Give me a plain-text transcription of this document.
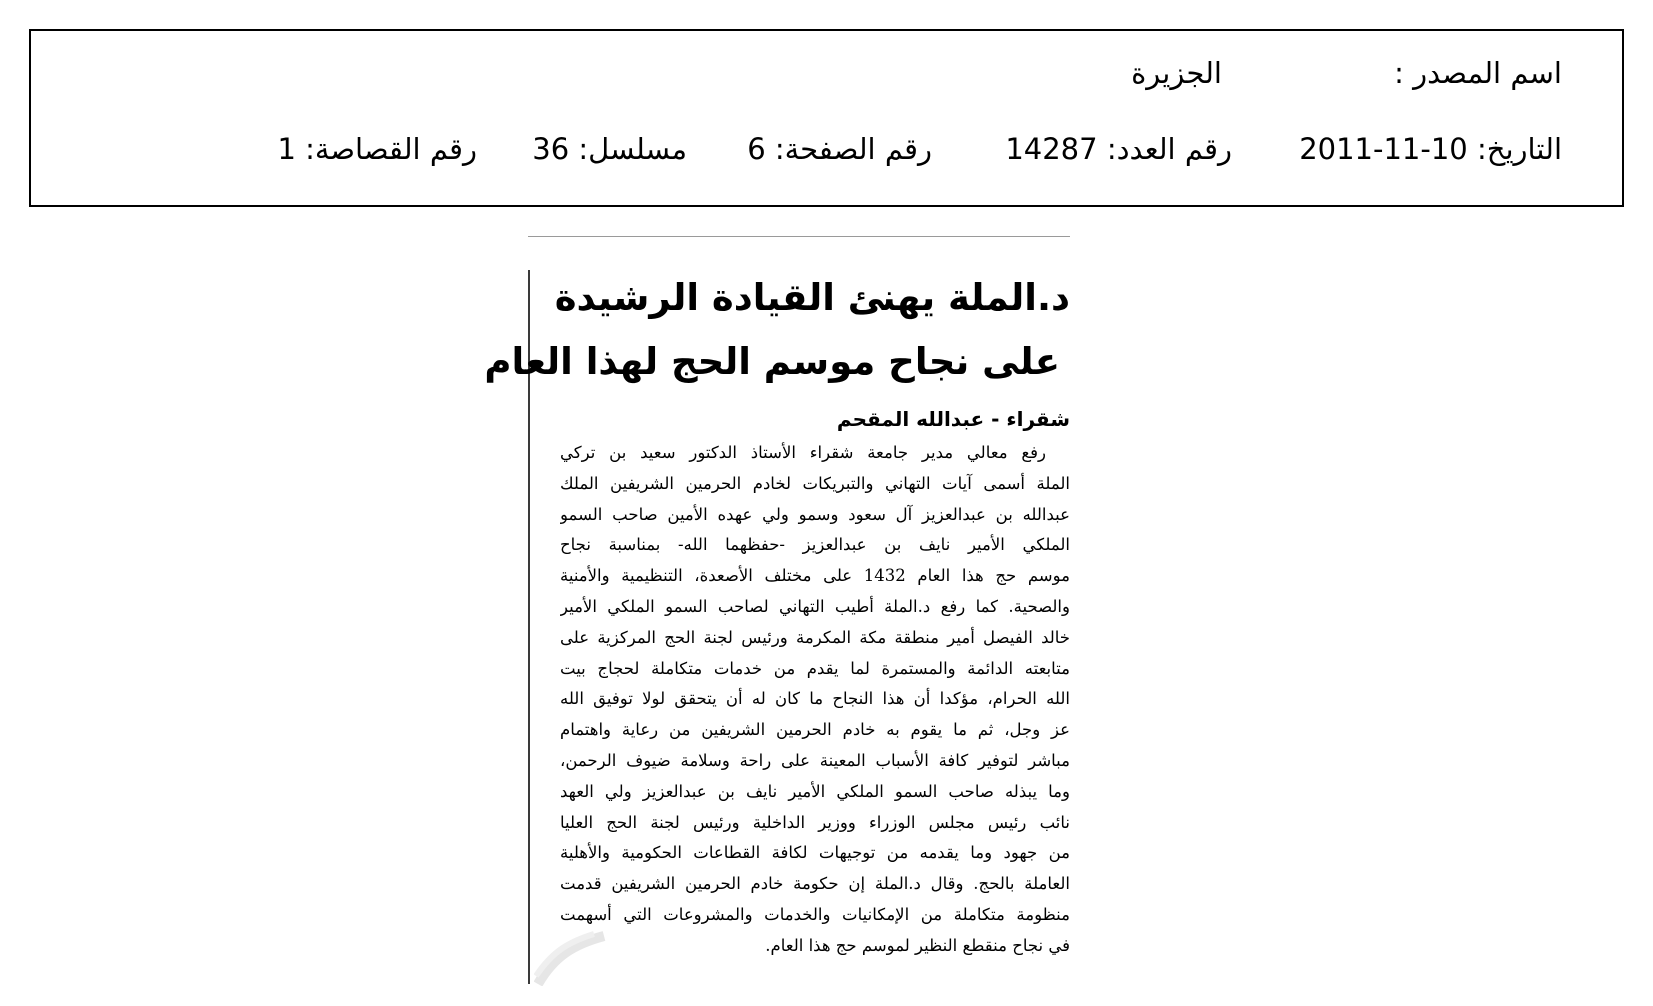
اسم المصدر :
الجزيرة
التاريخ: 2011-11-10
رقم العدد: 14287
رقم الصفحة: 6
مسلسل: 36
رقم القصاصة: 1
د.الملة يهنئ القيادة الرشيدة
على نجاح موسم الحج لهذا العام
شقراء - عبدالله المقحم
رفع معالي مدير جامعة شقراء الأستاذ الدكتور سعيد بن تركي
الملة أسمى آيات التهاني والتبريكات لخادم الحرمين الشريفين الملك
عبدالله بن عبدالعزيز آل سعود وسمو ولي عهده الأمين صاحب السمو
الملكي الأمير نايف بن عبدالعزيز -حفظهما الله- بمناسبة نجاح
موسم حج هذا العام 1432 على مختلف الأصعدة، التنظيمية والأمنية
والصحية. كما رفع د.الملة أطيب التهاني لصاحب السمو الملكي الأمير
خالد الفيصل أمير منطقة مكة المكرمة ورئيس لجنة الحج المركزية على
متابعته الدائمة والمستمرة لما يقدم من خدمات متكاملة لحجاج بيت
الله الحرام، مؤكدا أن هذا النجاح ما كان له أن يتحقق لولا توفيق الله
عز وجل، ثم ما يقوم به خادم الحرمين الشريفين من رعاية واهتمام
مباشر لتوفير كافة الأسباب المعينة على راحة وسلامة ضيوف الرحمن،
وما يبذله صاحب السمو الملكي الأمير نايف بن عبدالعزيز ولي العهد
نائب رئيس مجلس الوزراء ووزير الداخلية ورئيس لجنة الحج العليا
من جهود وما يقدمه من توجيهات لكافة القطاعات الحكومية والأهلية
العاملة بالحج. وقال د.الملة إن حكومة خادم الحرمين الشريفين قدمت
منظومة متكاملة من الإمكانيات والخدمات والمشروعات التي أسهمت
في نجاح منقطع النظير لموسم حج هذا العام.
